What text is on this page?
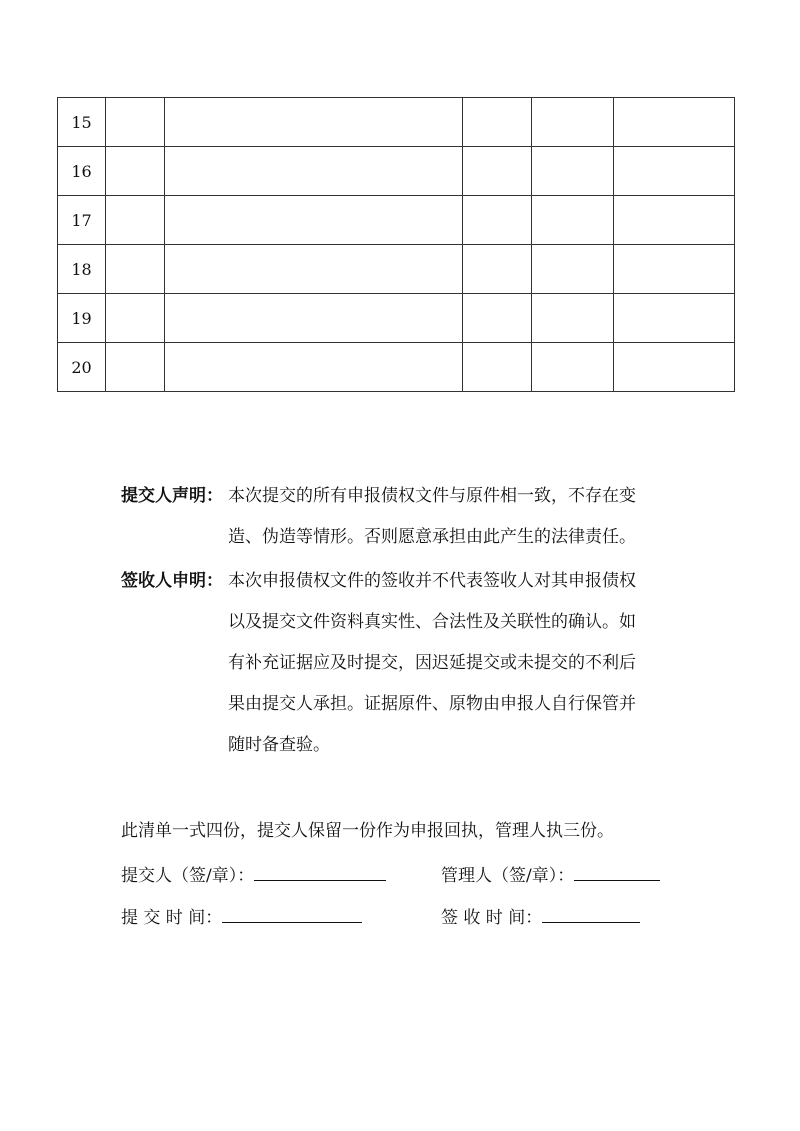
15					
16					
17					
18					
19					
20					
提交人声明： 本次提交的所有申报债权文件与原件相一致，不存在变
造、伪造等情形。否则愿意承担由此产生的法律责任。
签收人申明： 本次申报债权文件的签收并不代表签收人对其申报债权
以及提交文件资料真实性、合法性及关联性的确认。如
有补充证据应及时提交，因迟延提交或未提交的不利后
果由提交人承担。证据原件、原物由申报人自行保管并
随时备查验。
此清单一式四份，提交人保留一份作为申报回执，管理人执三份。
提交人（签/章）：	管理人（签/章）：
提 交 时 间：	签 收 时 间：
